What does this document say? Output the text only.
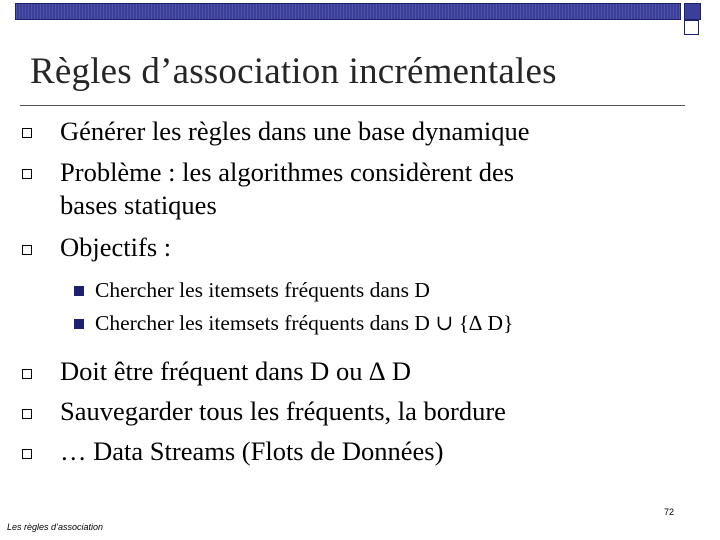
Règles d’association incrémentales
Générer les règles dans une base dynamique
Problème : les algorithmes considèrent des
bases statiques
Objectifs :
Chercher les itemsets fréquents dans D
Chercher les itemsets fréquents dans D ∪ {∆ D}
Doit être fréquent dans D ou ∆ D
Sauvegarder tous les fréquents, la bordure
… Data Streams (Flots de Données)
72
Les règles d’association
